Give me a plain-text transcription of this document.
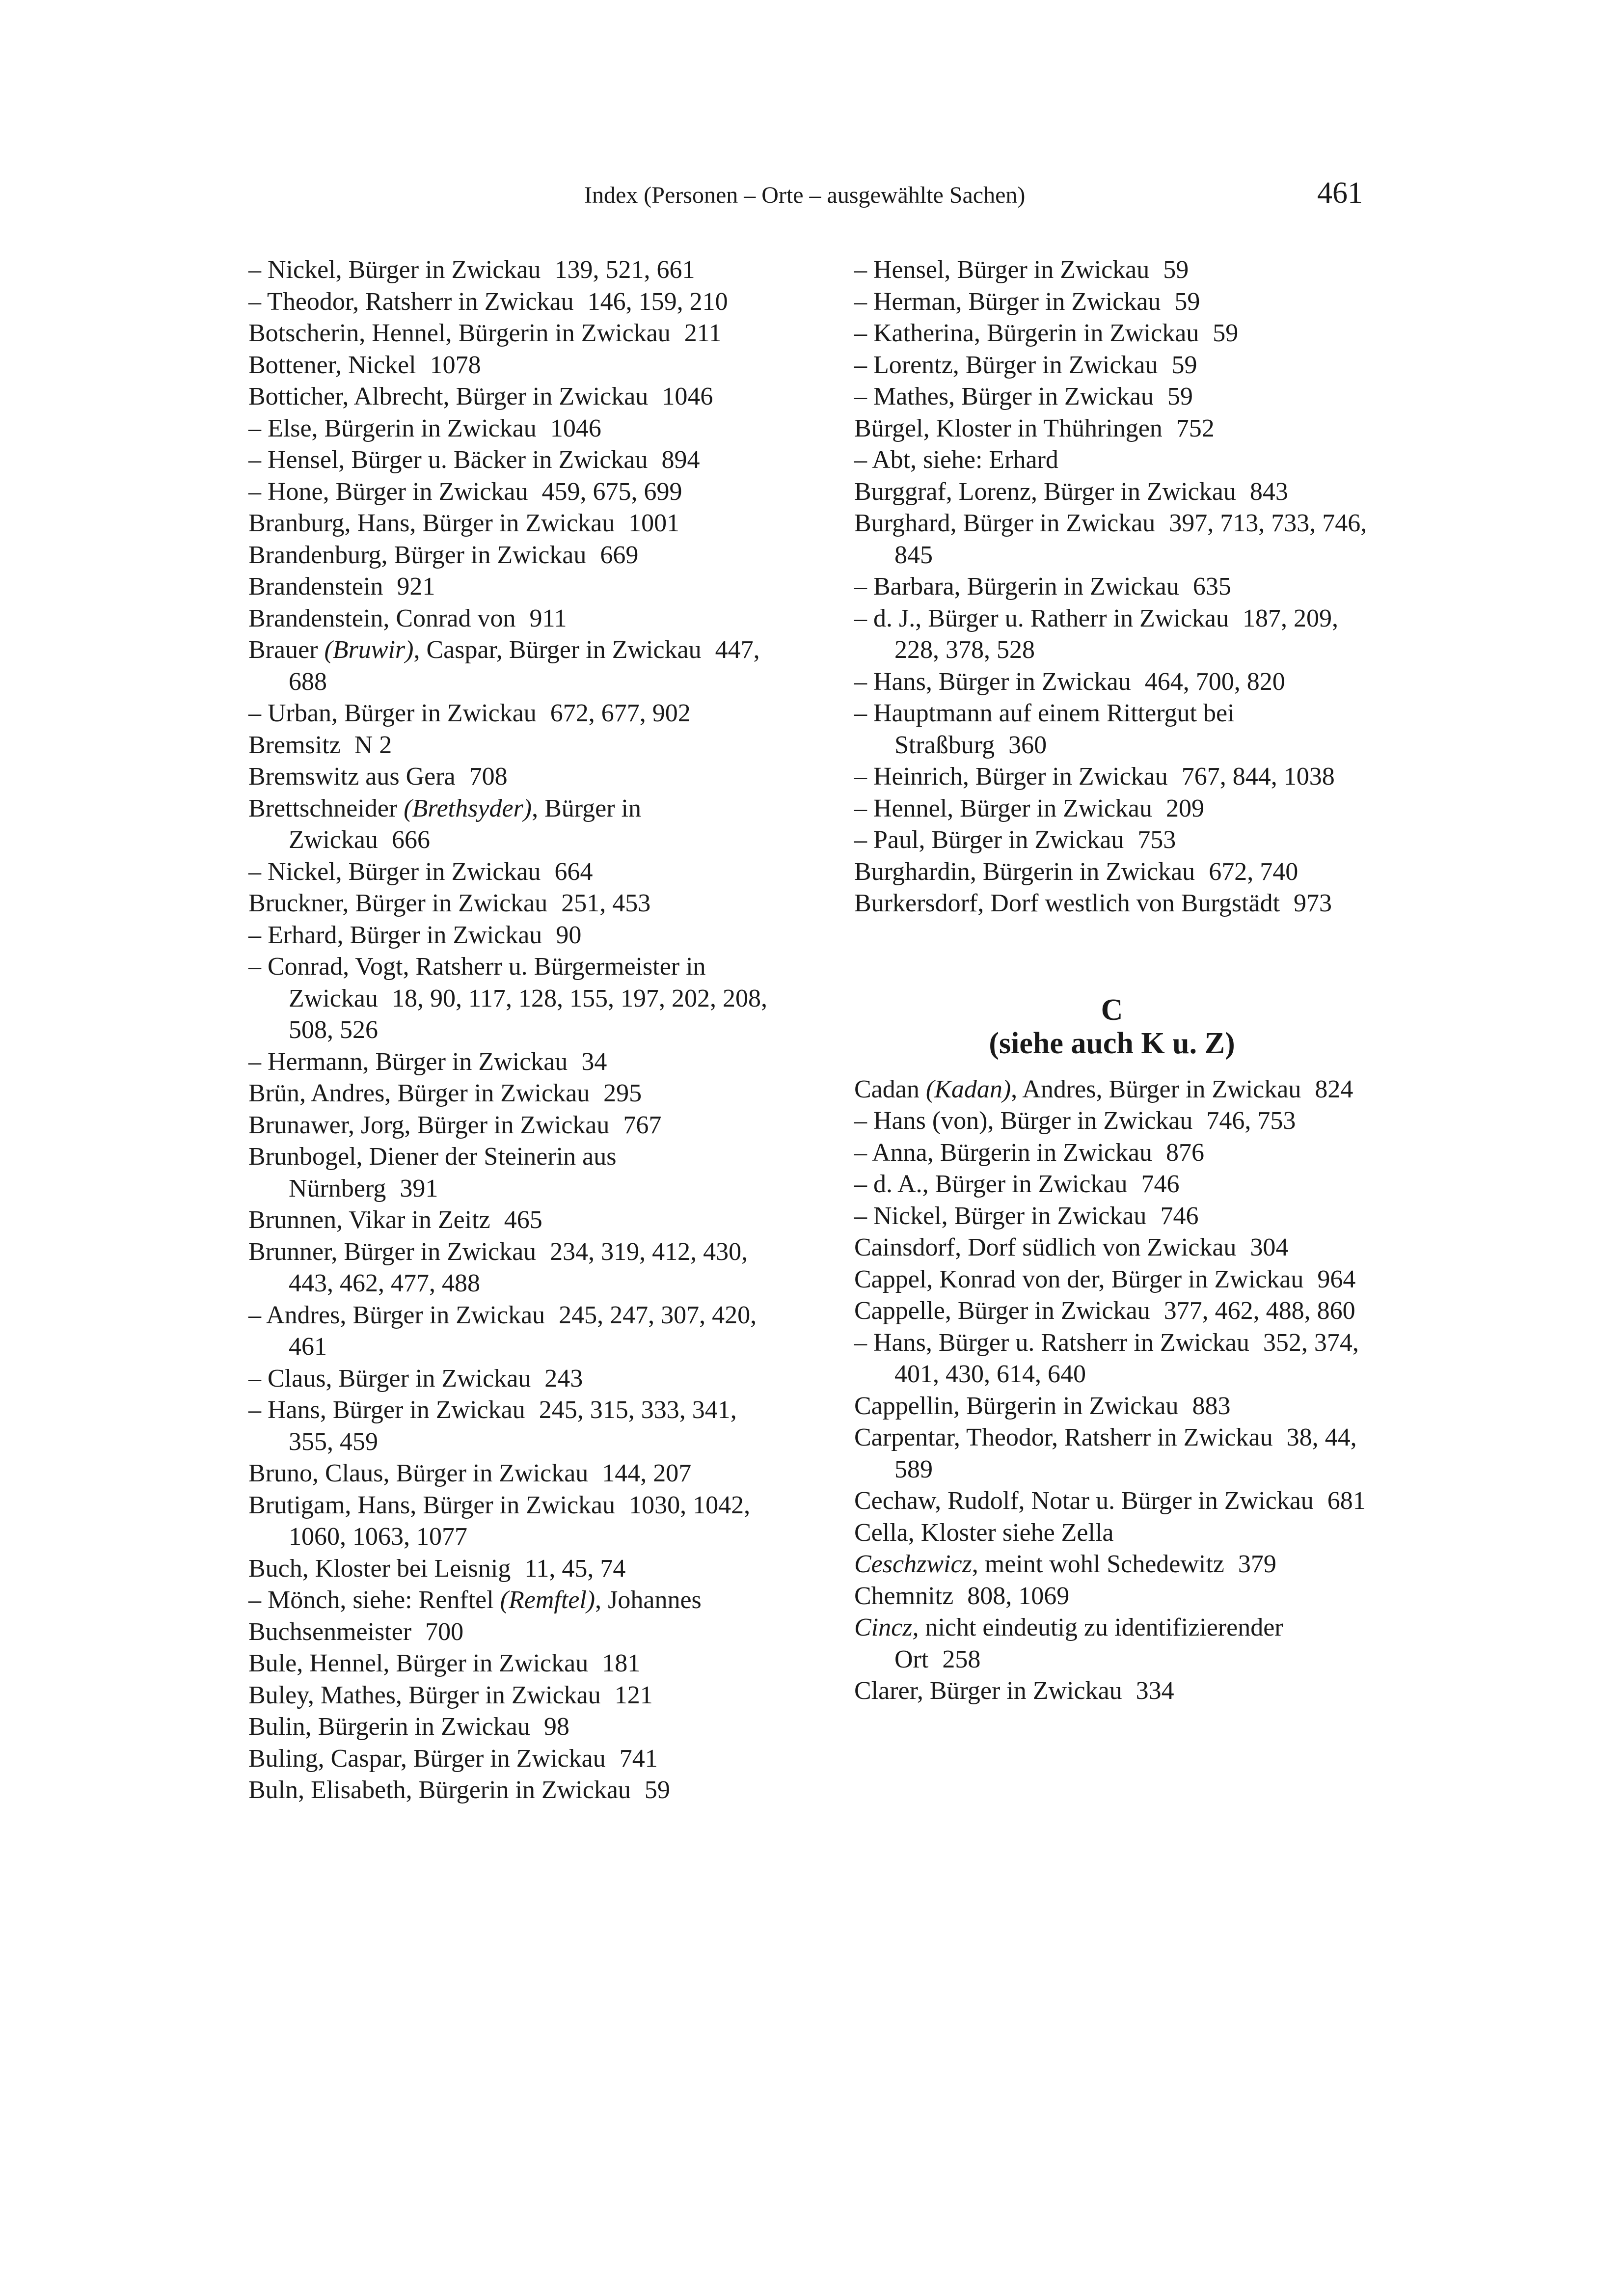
Index (Personen – Orte – ausgewählte Sachen)	461

– Nickel, Bürger in Zwickau 139, 521, 661

– Theodor, Ratsherr in Zwickau 146, 159, 210

Botscherin, Hennel, Bürgerin in Zwickau 211

Bottener, Nickel 1078

Botticher, Albrecht, Bürger in Zwickau 1046

– Else, Bürgerin in Zwickau 1046

– Hensel, Bürger u. Bäcker in Zwickau 894

– Hone, Bürger in Zwickau 459, 675, 699

Branburg, Hans, Bürger in Zwickau 1001

Brandenburg, Bürger in Zwickau 669

Brandenstein 921

Brandenstein, Conrad von 911

Brauer (Bruwir), Caspar, Bürger in Zwickau 447, 688

– Urban, Bürger in Zwickau 672, 677, 902

Bremsitz N 2

Bremswitz aus Gera 708

Brettschneider (Brethsyder), Bürger in Zwickau 666

– Nickel, Bürger in Zwickau 664

Bruckner, Bürger in Zwickau 251, 453

– Erhard, Bürger in Zwickau 90

– Conrad, Vogt, Ratsherr u. Bürgermeister in Zwickau 18, 90, 117, 128, 155, 197, 202, 208, 508, 526

– Hermann, Bürger in Zwickau 34

Brün, Andres, Bürger in Zwickau 295

Brunawer, Jorg, Bürger in Zwickau 767

Brunbogel, Diener der Steinerin aus Nürnberg 391

Brunnen, Vikar in Zeitz 465

Brunner, Bürger in Zwickau 234, 319, 412, 430, 443, 462, 477, 488

– Andres, Bürger in Zwickau 245, 247, 307, 420, 461

– Claus, Bürger in Zwickau 243

– Hans, Bürger in Zwickau 245, 315, 333, 341, 355, 459

Bruno, Claus, Bürger in Zwickau 144, 207

Brutigam, Hans, Bürger in Zwickau 1030, 1042, 1060, 1063, 1077

Buch, Kloster bei Leisnig 11, 45, 74

– Mönch, siehe: Renftel (Remftel), Johannes

Buchsenmeister 700

Bule, Hennel, Bürger in Zwickau 181

Buley, Mathes, Bürger in Zwickau 121

Bulin, Bürgerin in Zwickau 98

Buling, Caspar, Bürger in Zwickau 741

Buln, Elisabeth, Bürgerin in Zwickau 59

– Hensel, Bürger in Zwickau 59

– Herman, Bürger in Zwickau 59

– Katherina, Bürgerin in Zwickau 59

– Lorentz, Bürger in Zwickau 59

– Mathes, Bürger in Zwickau 59

Bürgel, Kloster in Thühringen 752

– Abt, siehe: Erhard

Burggraf, Lorenz, Bürger in Zwickau 843

Burghard, Bürger in Zwickau 397, 713, 733, 746, 845

– Barbara, Bürgerin in Zwickau 635

– d. J., Bürger u. Ratherr in Zwickau 187, 209, 228, 378, 528

– Hans, Bürger in Zwickau 464, 700, 820

– Hauptmann auf einem Rittergut bei Straßburg 360

– Heinrich, Bürger in Zwickau 767, 844, 1038

– Hennel, Bürger in Zwickau 209

– Paul, Bürger in Zwickau 753

Burghardin, Bürgerin in Zwickau 672, 740

Burkersdorf, Dorf westlich von Burgstädt 973

C
(siehe auch K u. Z)

Cadan (Kadan), Andres, Bürger in Zwickau 824

– Hans (von), Bürger in Zwickau 746, 753

– Anna, Bürgerin in Zwickau 876

– d. A., Bürger in Zwickau 746

– Nickel, Bürger in Zwickau 746

Cainsdorf, Dorf südlich von Zwickau 304

Cappel, Konrad von der, Bürger in Zwickau 964

Cappelle, Bürger in Zwickau 377, 462, 488, 860

– Hans, Bürger u. Ratsherr in Zwickau 352, 374, 401, 430, 614, 640

Cappellin, Bürgerin in Zwickau 883

Carpentar, Theodor, Ratsherr in Zwickau 38, 44, 589

Cechaw, Rudolf, Notar u. Bürger in Zwickau 681

Cella, Kloster siehe Zella

Ceschzwicz, meint wohl Schedewitz 379

Chemnitz 808, 1069

Cincz, nicht eindeutig zu identifizierender Ort 258

Clarer, Bürger in Zwickau 334
